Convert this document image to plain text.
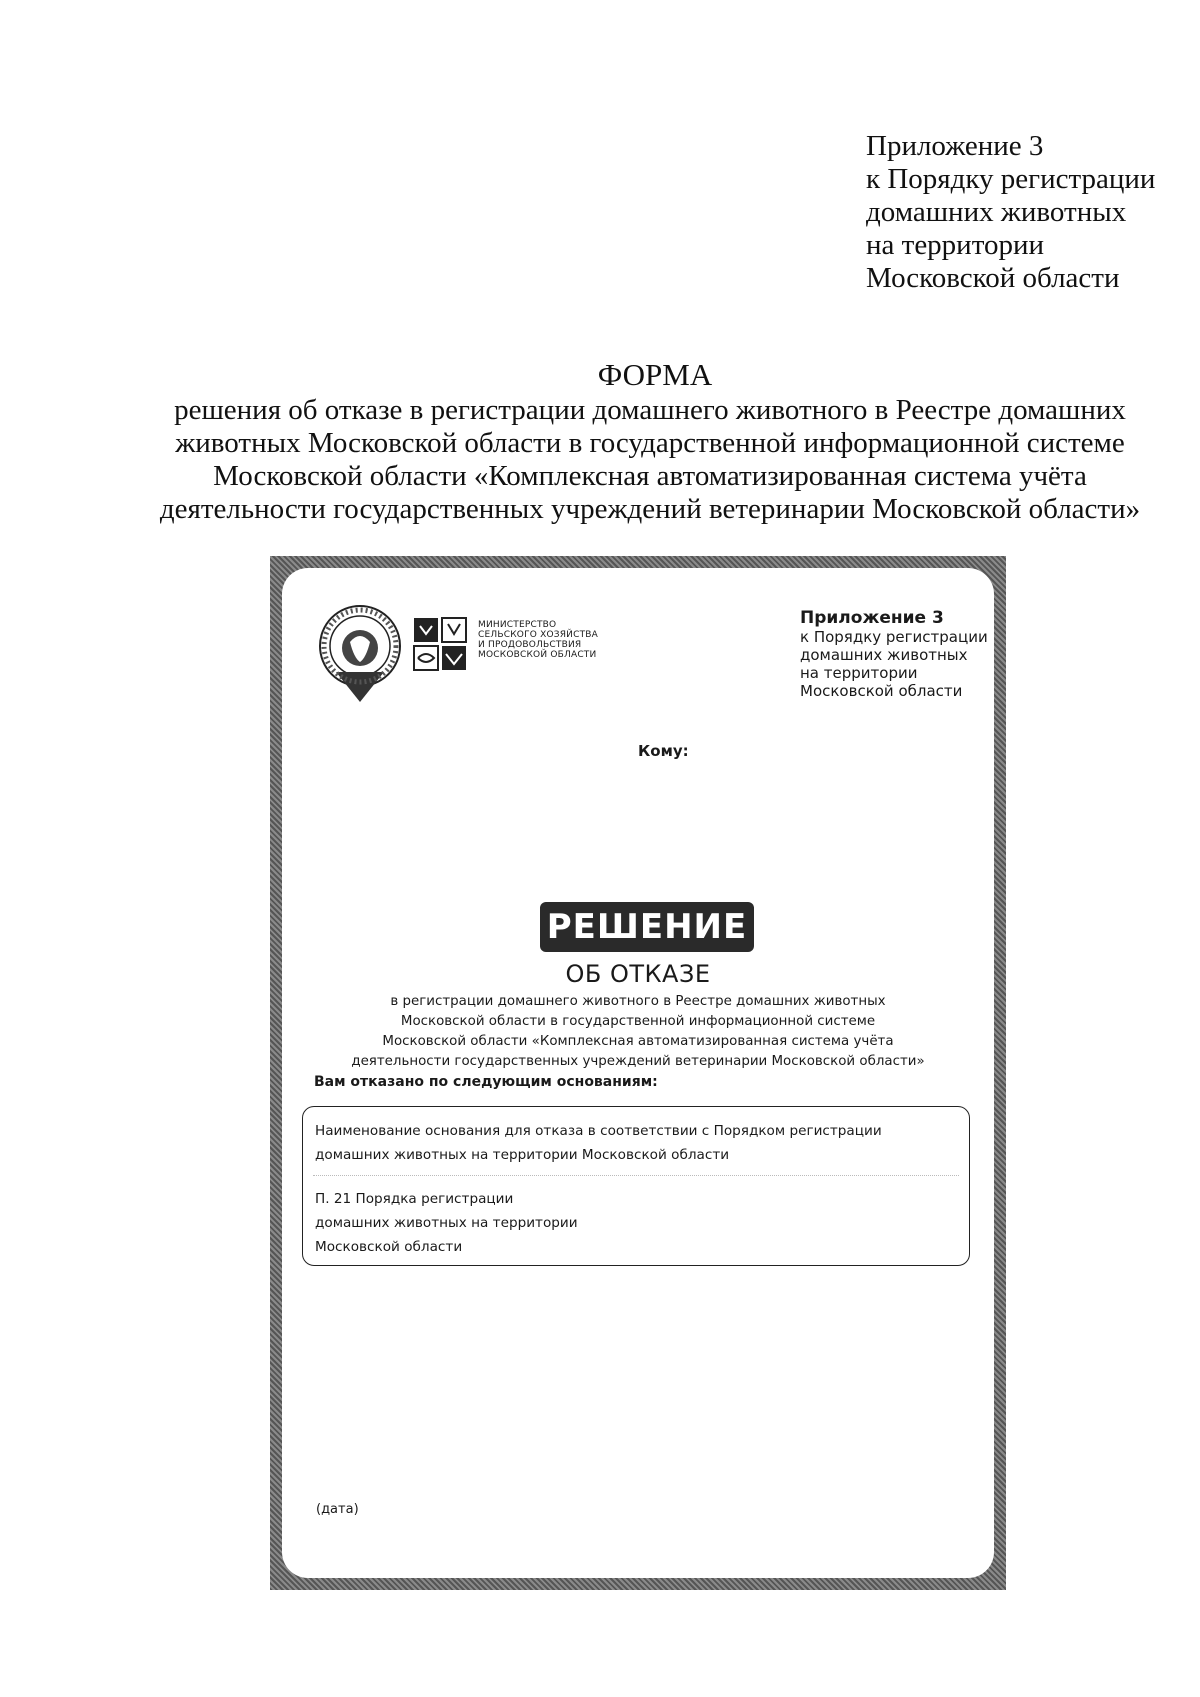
Приложение 3
к Порядку регистрации
домашних животных
на территории
Московской области
ФОРМА
решения об отказе в регистрации домашнего животного в Реестре домашних
животных Московской области в государственной информационной системе
Московской области «Комплексная автоматизированная система учёта
деятельности государственных учреждений ветеринарии Московской области»
МИНИСТЕРСТВО
СЕЛЬСКОГО ХОЗЯЙСТВА
И ПРОДОВОЛЬСТВИЯ
МОСКОВСКОЙ ОБЛАСТИ
Приложение 3
к Порядку регистрации
домашних животных
на территории
Московской области
Кому:
РЕШЕНИЕ
ОБ ОТКАЗЕ
в регистрации домашнего животного в Реестре домашних животных
Московской области в государственной информационной системе
Московской области «Комплексная автоматизированная система учёта
деятельности государственных учреждений ветеринарии Московской области»
Вам отказано по следующим основаниям:
Наименование основания для отказа в соответствии с Порядком регистрации
домашних животных на территории Московской области
П. 21 Порядка регистрации
домашних животных на территории
Московской области
(дата)
